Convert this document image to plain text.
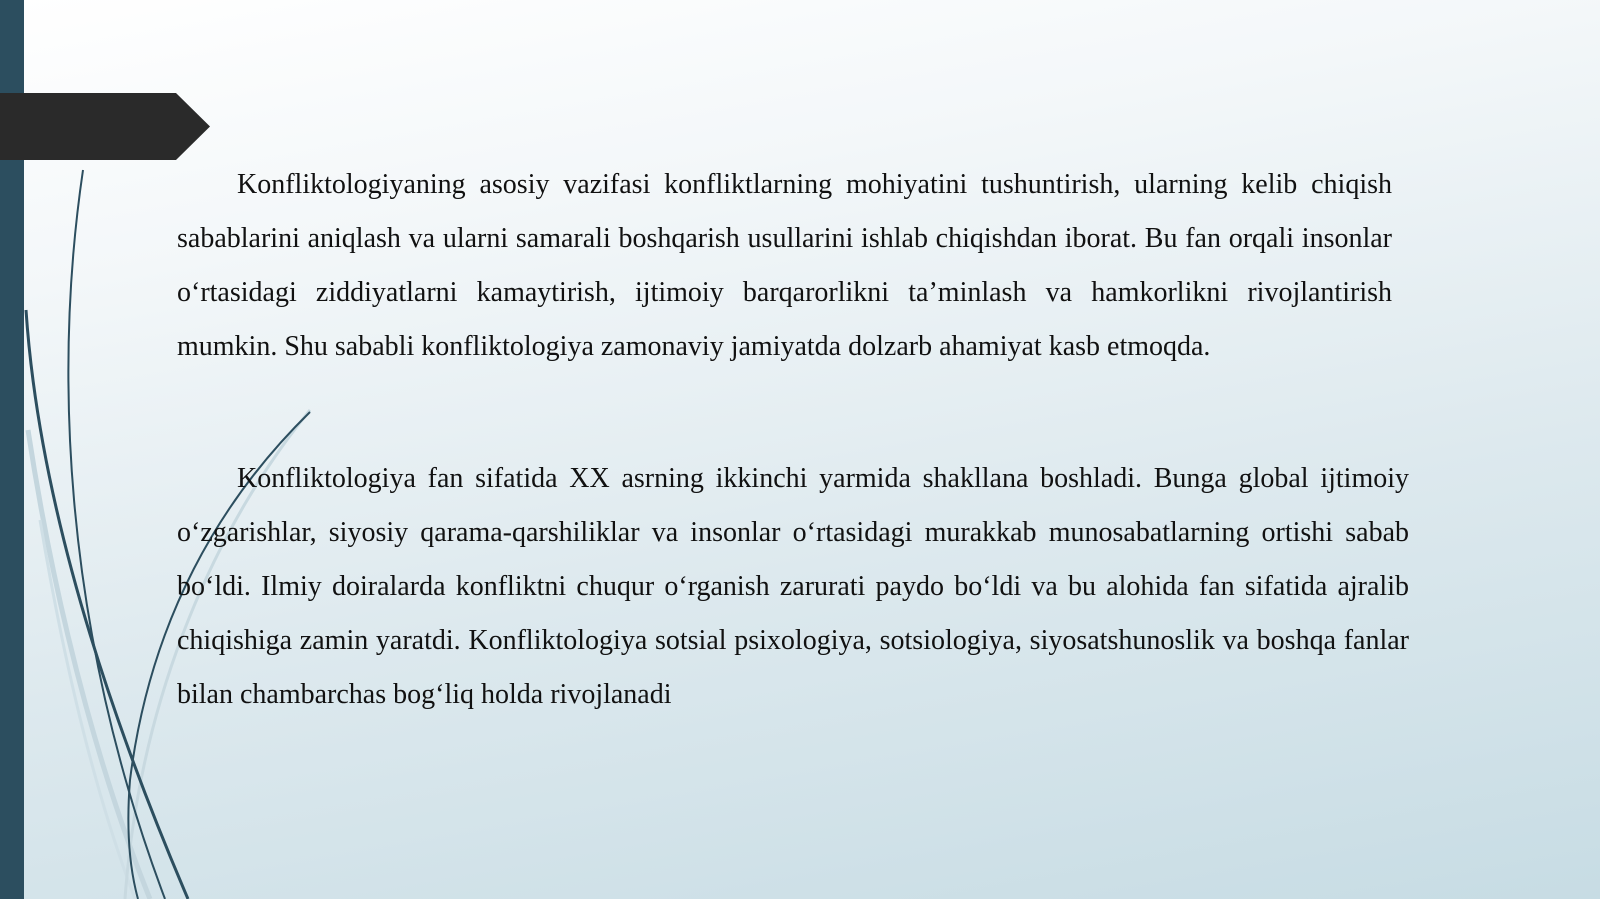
Konfliktologiyaning asosiy vazifasi konfliktlarning mohiyatini tushuntirish, ularning kelib chiqish sabablarini aniqlash va ularni samarali boshqarish usullarini ishlab chiqishdan iborat. Bu fan orqali insonlar o‘rtasidagi ziddiyatlarni kamaytirish, ijtimoiy barqarorlikni ta’minlash va hamkorlikni rivojlantirish mumkin. Shu sababli konfliktologiya zamonaviy jamiyatda dolzarb ahamiyat kasb etmoqda.

Konfliktologiya fan sifatida XX asrning ikkinchi yarmida shakllana boshladi. Bunga global ijtimoiy o‘zgarishlar, siyosiy qarama-qarshiliklar va insonlar o‘rtasidagi murakkab munosabatlarning ortishi sabab bo‘ldi. Ilmiy doiralarda konfliktni chuqur o‘rganish zarurati paydo bo‘ldi va bu alohida fan sifatida ajralib chiqishiga zamin yaratdi. Konfliktologiya sotsial psixologiya, sotsiologiya, siyosatshunoslik va boshqa fanlar bilan chambarchas bog‘liq holda rivojlanadi
